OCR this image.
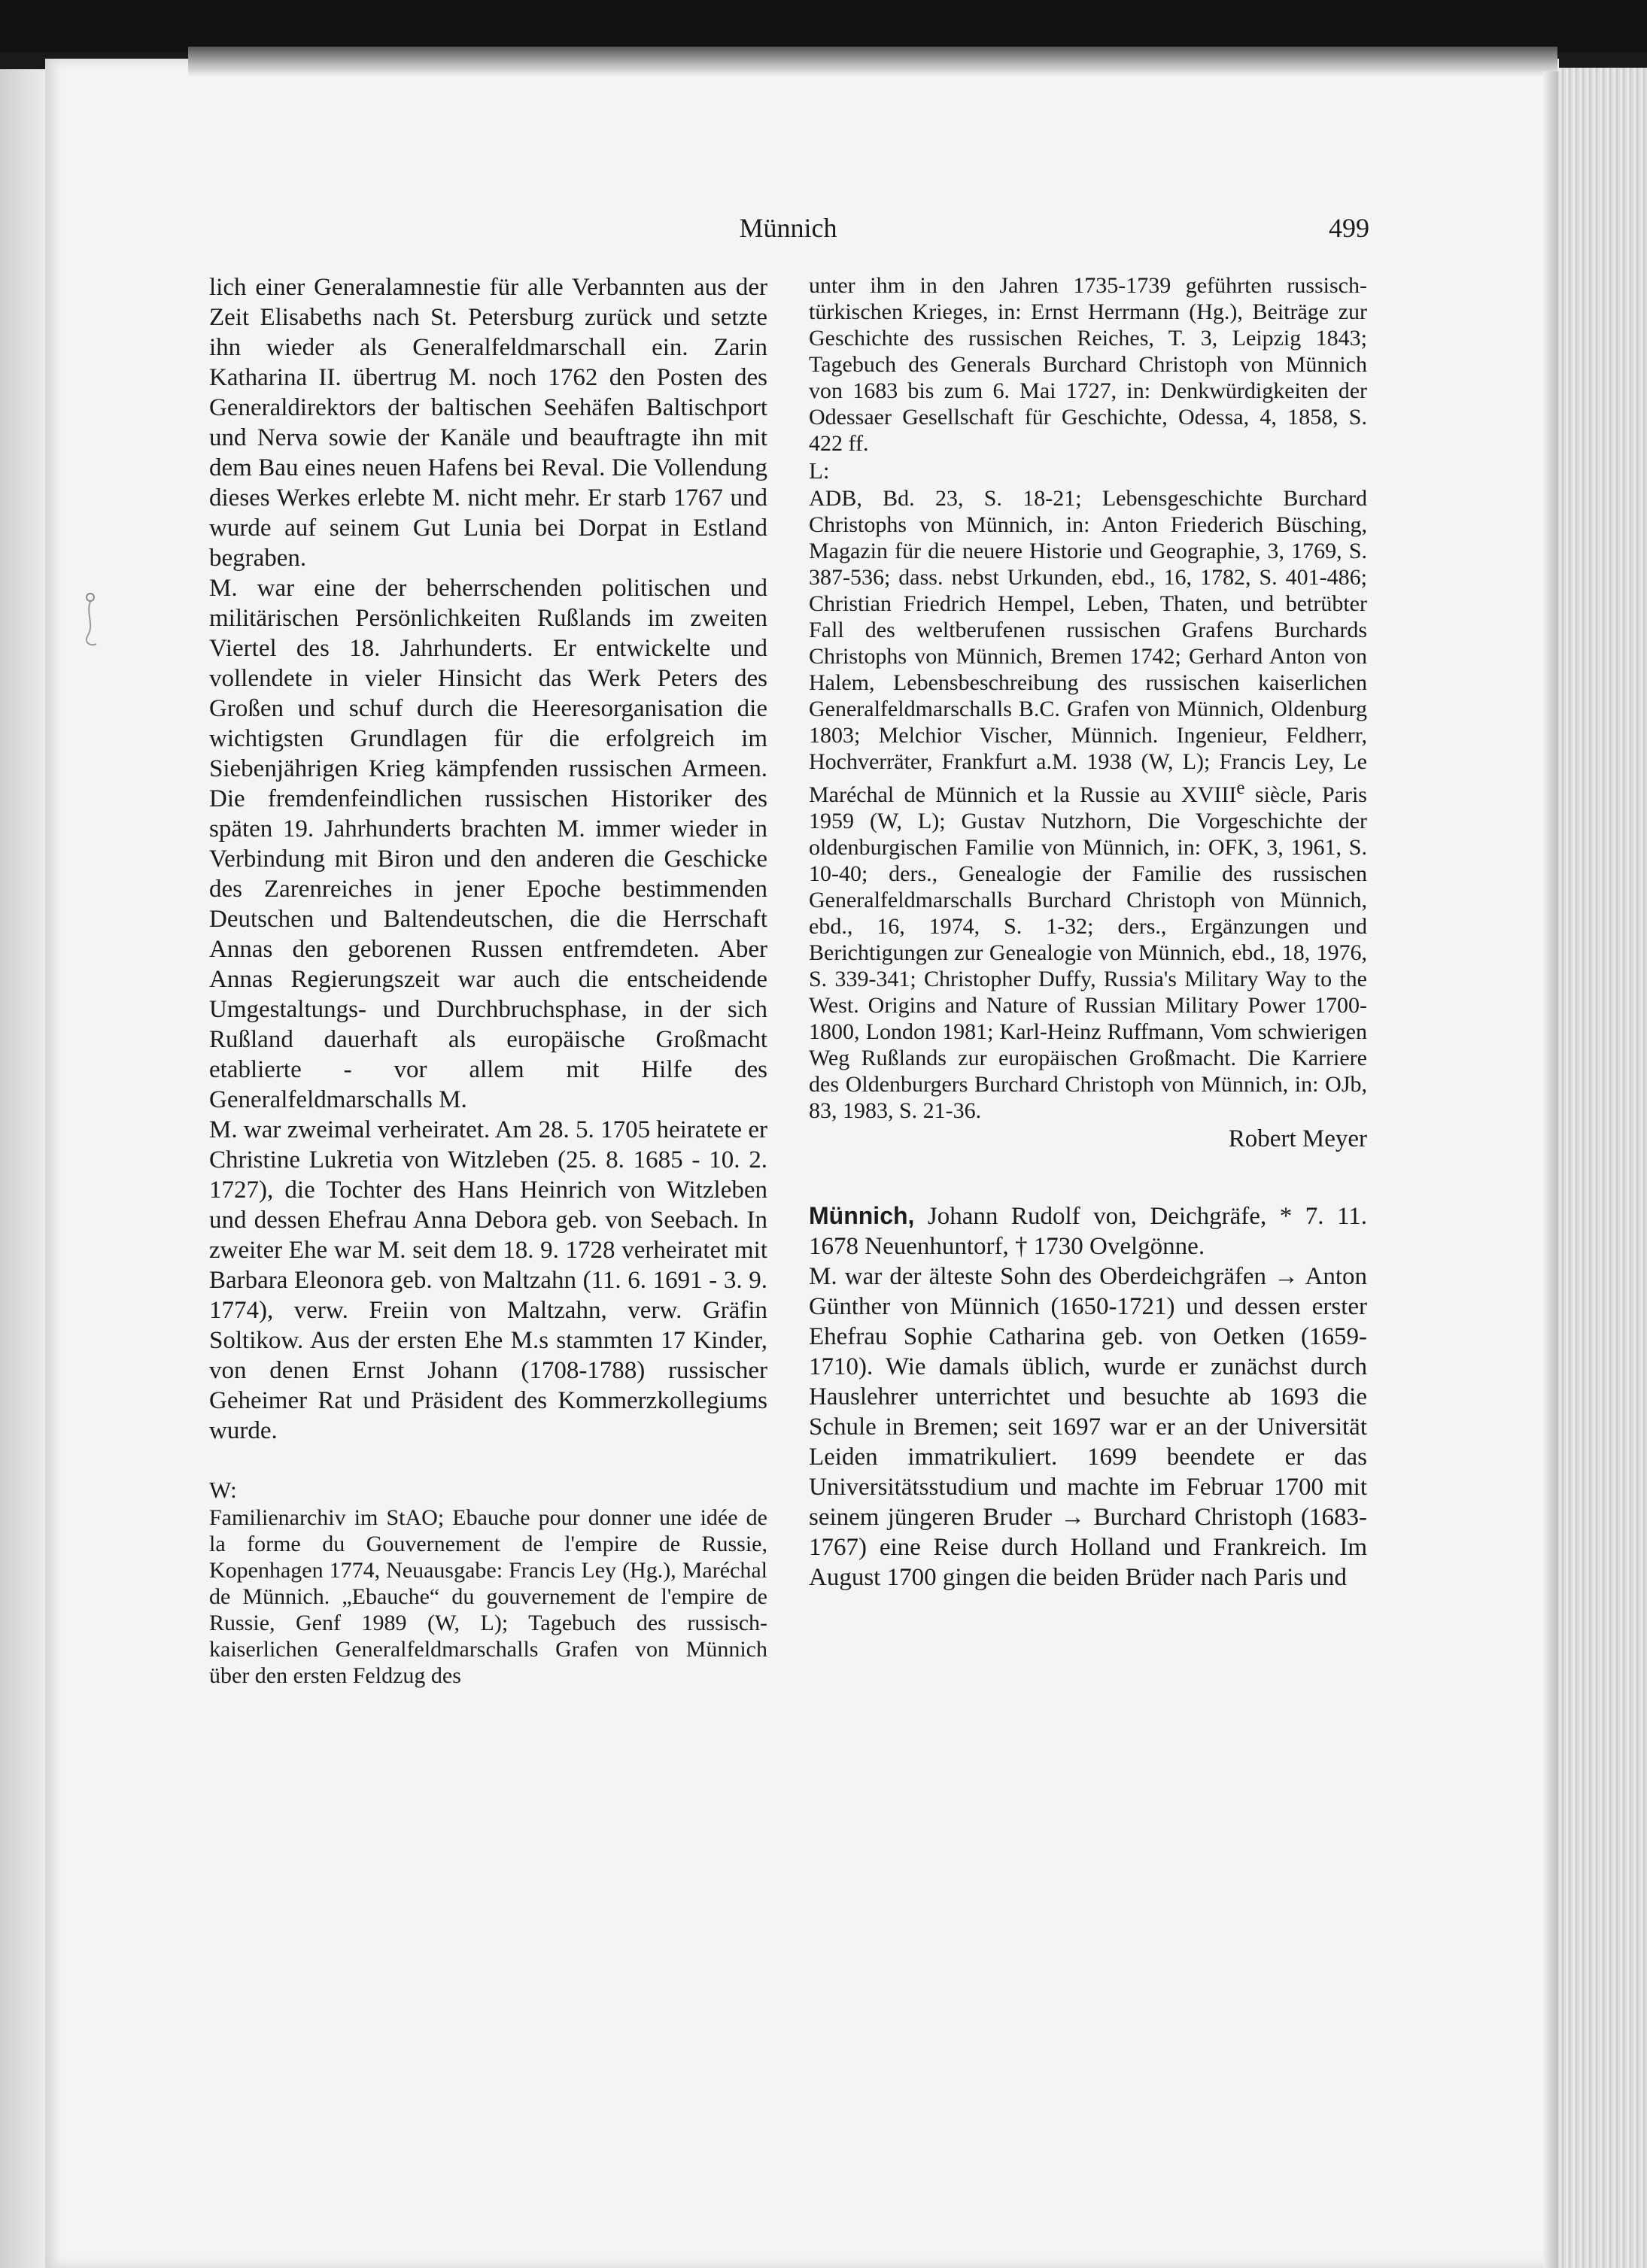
Münnich	499

lich einer Generalamnestie für alle Verbannten aus der Zeit Elisabeths nach St. Petersburg zurück und setzte ihn wieder als Generalfeldmarschall ein. Zarin Katharina II. übertrug M. noch 1762 den Posten des Generaldirektors der baltischen Seehäfen Baltischport und Nerva sowie der Kanäle und beauftragte ihn mit dem Bau eines neuen Hafens bei Reval. Die Vollendung dieses Werkes erlebte M. nicht mehr. Er starb 1767 und wurde auf seinem Gut Lunia bei Dorpat in Estland begraben.

M. war eine der beherrschenden politischen und militärischen Persönlichkeiten Rußlands im zweiten Viertel des 18. Jahrhunderts. Er entwickelte und vollendete in vieler Hinsicht das Werk Peters des Großen und schuf durch die Heeresorganisation die wichtigsten Grundlagen für die erfolgreich im Siebenjährigen Krieg kämpfenden russischen Armeen. Die fremdenfeindlichen russischen Historiker des späten 19. Jahrhunderts brachten M. immer wieder in Verbindung mit Biron und den anderen die Geschicke des Zarenreiches in jener Epoche bestimmenden Deutschen und Baltendeutschen, die die Herrschaft Annas den geborenen Russen entfremdeten. Aber Annas Regierungszeit war auch die entscheidende Umgestaltungs- und Durchbruchsphase, in der sich Rußland dauerhaft als europäische Großmacht etablierte - vor allem mit Hilfe des Generalfeldmarschalls M.

M. war zweimal verheiratet. Am 28. 5. 1705 heiratete er Christine Lukretia von Witzleben (25. 8. 1685 - 10. 2. 1727), die Tochter des Hans Heinrich von Witzleben und dessen Ehefrau Anna Debora geb. von Seebach. In zweiter Ehe war M. seit dem 18. 9. 1728 verheiratet mit Barbara Eleonora geb. von Maltzahn (11. 6. 1691 - 3. 9. 1774), verw. Freiin von Maltzahn, verw. Gräfin Soltikow. Aus der ersten Ehe M.s stammten 17 Kinder, von denen Ernst Johann (1708-1788) russischer Geheimer Rat und Präsident des Kommerzkollegiums wurde.

W:

Familienarchiv im StAO; Ebauche pour donner une idée de la forme du Gouvernement de l'empire de Russie, Kopenhagen 1774, Neuausgabe: Francis Ley (Hg.), Maréchal de Münnich. „Ebauche“ du gouvernement de l'empire de Russie, Genf 1989 (W, L); Tagebuch des russisch-kaiserlichen Generalfeldmarschalls Grafen von Münnich über den ersten Feldzug des

unter ihm in den Jahren 1735-1739 geführten russisch-türkischen Krieges, in: Ernst Herrmann (Hg.), Beiträge zur Geschichte des russischen Reiches, T. 3, Leipzig 1843; Tagebuch des Generals Burchard Christoph von Münnich von 1683 bis zum 6. Mai 1727, in: Denkwürdigkeiten der Odessaer Gesellschaft für Geschichte, Odessa, 4, 1858, S. 422 ff.

L:

ADB, Bd. 23, S. 18-21; Lebensgeschichte Burchard Christophs von Münnich, in: Anton Friederich Büsching, Magazin für die neuere Historie und Geographie, 3, 1769, S. 387-536; dass. nebst Urkunden, ebd., 16, 1782, S. 401-486; Christian Friedrich Hempel, Leben, Thaten, und betrübter Fall des weltberufenen russischen Grafens Burchards Christophs von Münnich, Bremen 1742; Gerhard Anton von Halem, Lebensbeschreibung des russischen kaiserlichen Generalfeldmarschalls B.C. Grafen von Münnich, Oldenburg 1803; Melchior Vischer, Münnich. Ingenieur, Feldherr, Hochverräter, Frankfurt a.M. 1938 (W, L); Francis Ley, Le Maréchal de Münnich et la Russie au XVIIIe siècle, Paris 1959 (W, L); Gustav Nutzhorn, Die Vorgeschichte der oldenburgischen Familie von Münnich, in: OFK, 3, 1961, S. 10-40; ders., Genealogie der Familie des russischen Generalfeldmarschalls Burchard Christoph von Münnich, ebd., 16, 1974, S. 1-32; ders., Ergänzungen und Berichtigungen zur Genealogie von Münnich, ebd., 18, 1976, S. 339-341; Christopher Duffy, Russia's Military Way to the West. Origins and Nature of Russian Military Power 1700-1800, London 1981; Karl-Heinz Ruffmann, Vom schwierigen Weg Rußlands zur europäischen Großmacht. Die Karriere des Oldenburgers Burchard Christoph von Münnich, in: OJb, 83, 1983, S. 21-36.

Robert Meyer

Münnich, Johann Rudolf von, Deichgräfe, * 7. 11. 1678 Neuenhuntorf, † 1730 Ovelgönne.

M. war der älteste Sohn des Oberdeichgräfen → Anton Günther von Münnich (1650-1721) und dessen erster Ehefrau Sophie Catharina geb. von Oetken (1659-1710). Wie damals üblich, wurde er zunächst durch Hauslehrer unterrichtet und besuchte ab 1693 die Schule in Bremen; seit 1697 war er an der Universität Leiden immatrikuliert. 1699 beendete er das Universitätsstudium und machte im Februar 1700 mit seinem jüngeren Bruder → Burchard Christoph (1683-1767) eine Reise durch Holland und Frankreich. Im August 1700 gingen die beiden Brüder nach Paris und
